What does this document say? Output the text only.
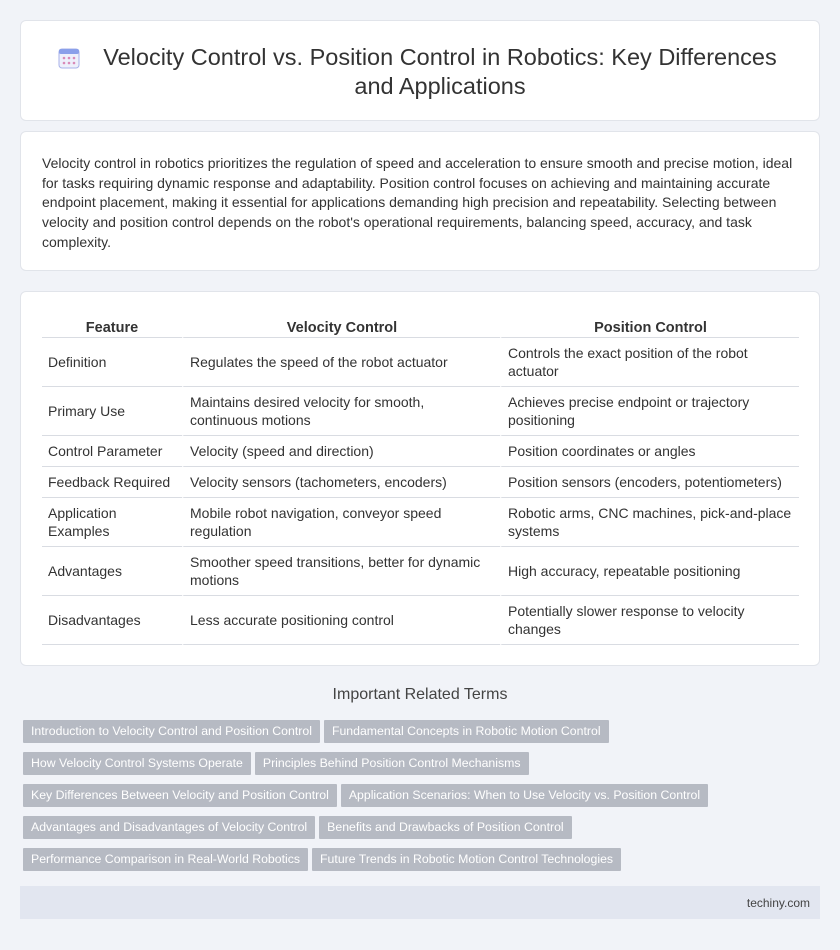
Velocity Control vs. Position Control in Robotics: Key Differences and Applications

Velocity control in robotics prioritizes the regulation of speed and acceleration to ensure smooth and precise motion, ideal for tasks requiring dynamic response and adaptability. Position control focuses on achieving and maintaining accurate endpoint placement, making it essential for applications demanding high precision and repeatability. Selecting between velocity and position control depends on the robot's operational requirements, balancing speed, accuracy, and task complexity.

Feature	Velocity Control	Position Control
Definition	Regulates the speed of the robot actuator	Controls the exact position of the robot actuator
Primary Use	Maintains desired velocity for smooth, continuous motions	Achieves precise endpoint or trajectory positioning
Control Parameter	Velocity (speed and direction)	Position coordinates or angles
Feedback Required	Velocity sensors (tachometers, encoders)	Position sensors (encoders, potentiometers)
Application Examples	Mobile robot navigation, conveyor speed regulation	Robotic arms, CNC machines, pick-and-place systems
Advantages	Smoother speed transitions, better for dynamic motions	High accuracy, repeatable positioning
Disadvantages	Less accurate positioning control	Potentially slower response to velocity changes
Important Related Terms
Introduction to Velocity Control and Position Control Fundamental Concepts in Robotic Motion Control
How Velocity Control Systems Operate Principles Behind Position Control Mechanisms
Key Differences Between Velocity and Position Control Application Scenarios: When to Use Velocity vs. Position Control
Advantages and Disadvantages of Velocity Control Benefits and Drawbacks of Position Control
Performance Comparison in Real-World Robotics Future Trends in Robotic Motion Control Technologies
techiny.com
